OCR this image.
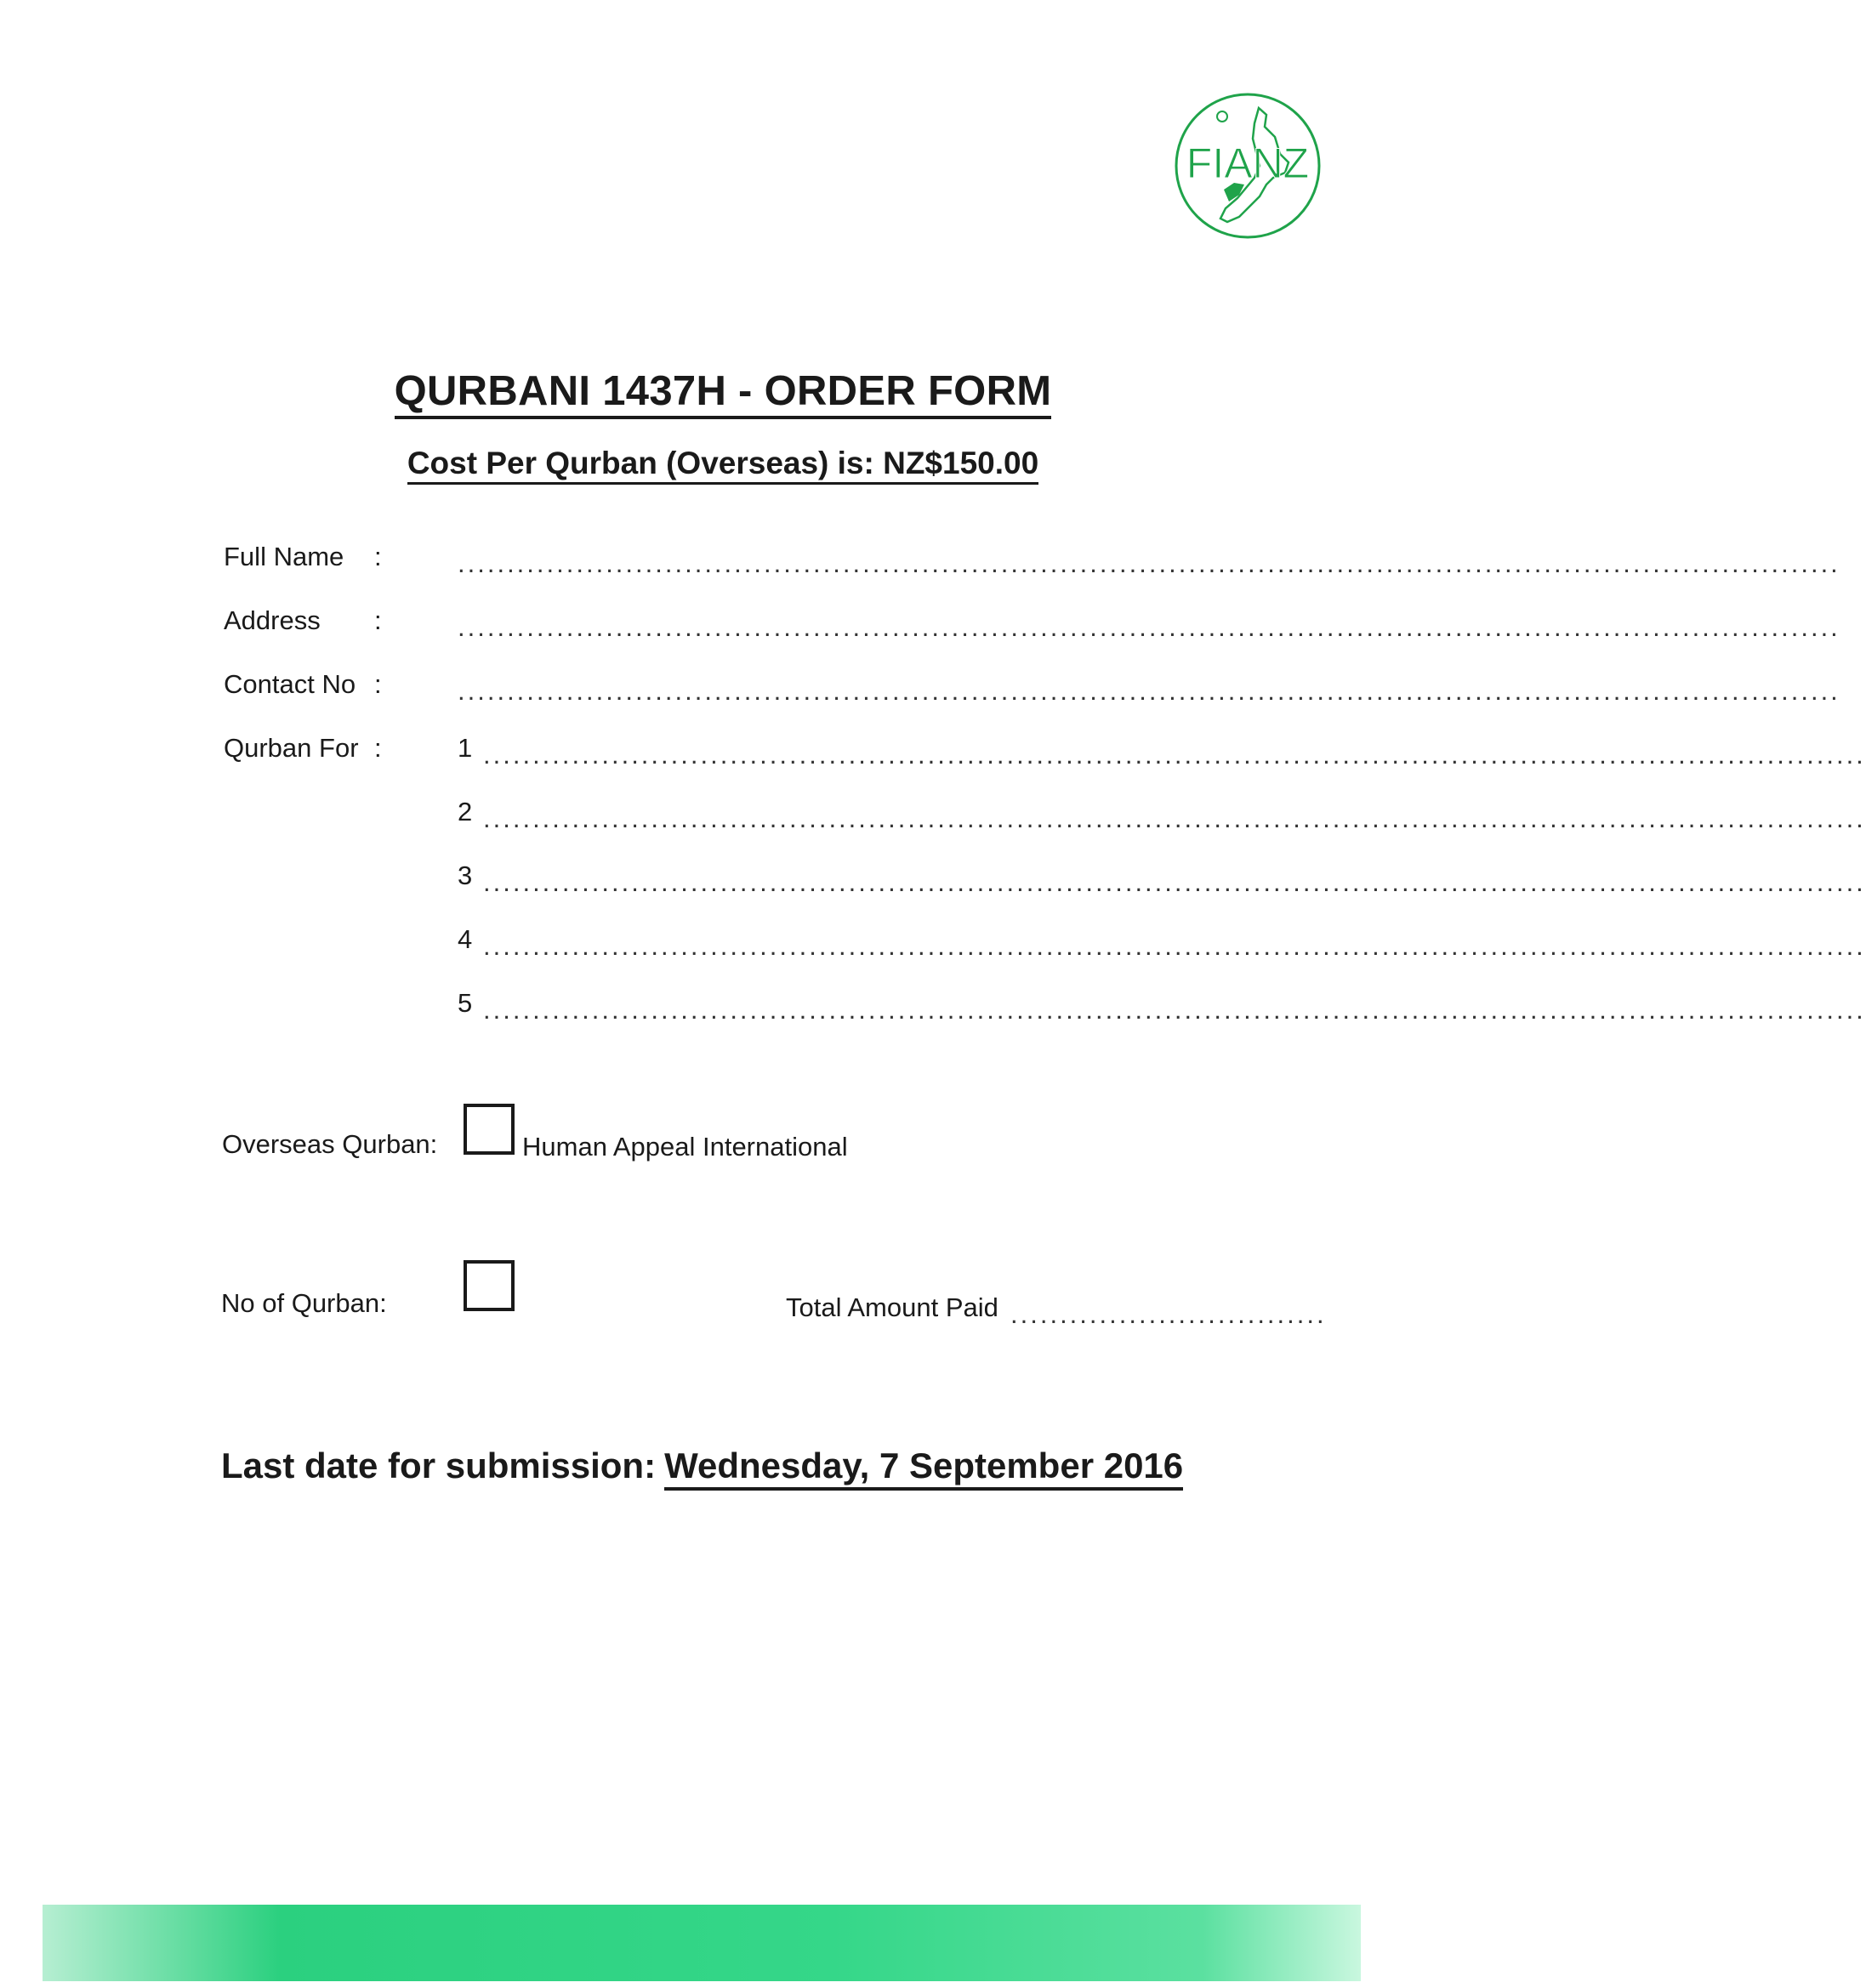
FIANZ
QURBANI 1437H - ORDER FORM
Cost Per Qurban (Overseas) is: NZ$150.00
Full Name :	............................................................................................................................................
Address :	............................................................................................................................................
Contact No :	............................................................................................................................................
Qurban For :	1 ............................................................................................................................................
2 ............................................................................................................................................
3 ............................................................................................................................................
4 ............................................................................................................................................
5 ............................................................................................................................................
Overseas Qurban:	Human Appeal International
No of Qurban:	Total Amount Paid ................................
Last date for submission: Wednesday, 7 September 2016
